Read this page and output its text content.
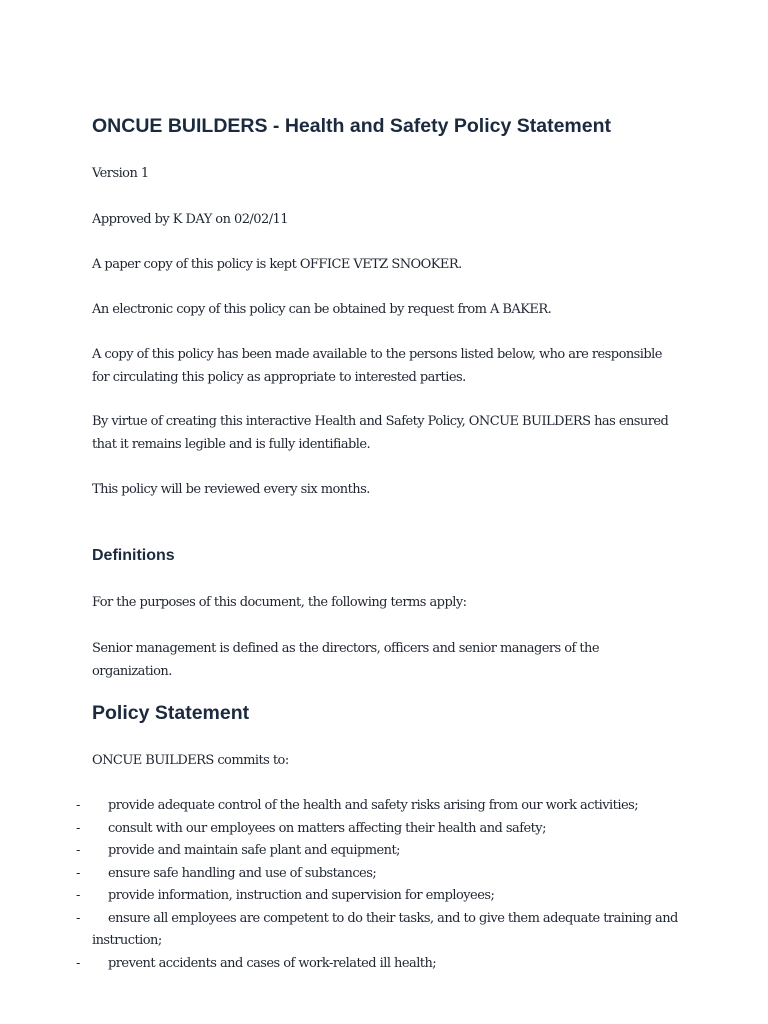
ONCUE BUILDERS - Health and Safety Policy Statement

Version 1

Approved by K DAY on 02/02/11

A paper copy of this policy is kept OFFICE VETZ SNOOKER.

An electronic copy of this policy can be obtained by request from A BAKER.

A copy of this policy has been made available to the persons listed below, who are responsible for circulating this policy as appropriate to interested parties.

By virtue of creating this interactive Health and Safety Policy, ONCUE BUILDERS has ensured that it remains legible and is fully identifiable.

This policy will be reviewed every six months.

Definitions

For the purposes of this document, the following terms apply:

Senior management is defined as the directors, officers and senior managers of the organization.

Policy Statement

ONCUE BUILDERS commits to:

- provide adequate control of the health and safety risks arising from our work activities;
- consult with our employees on matters affecting their health and safety;
- provide and maintain safe plant and equipment;
- ensure safe handling and use of substances;
- provide information, instruction and supervision for employees;
- ensure all employees are competent to do their tasks, and to give them adequate training and instruction;
- prevent accidents and cases of work-related ill health;
